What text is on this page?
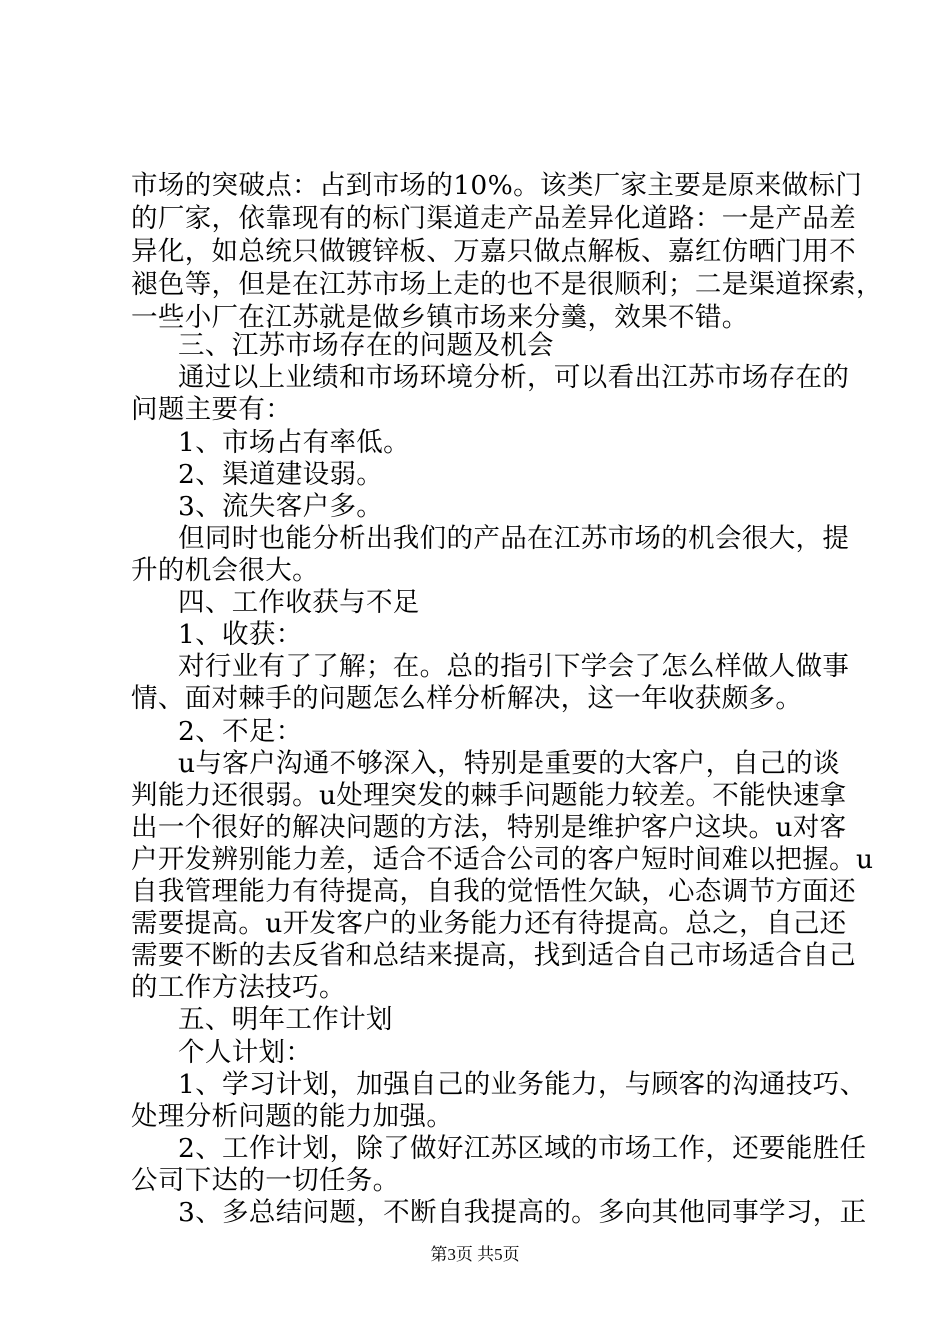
市场的突破点：占到市场的10%。该类厂家主要是原来做标门
的厂家，依靠现有的标门渠道走产品差异化道路：一是产品差
异化，如总统只做镀锌板、万嘉只做点解板、嘉红仿晒门用不
褪色等，但是在江苏市场上走的也不是很顺利；二是渠道探索，
一些小厂在江苏就是做乡镇市场来分羹，效果不错。
三、江苏市场存在的问题及机会
通过以上业绩和市场环境分析，可以看出江苏市场存在的
问题主要有：
1、市场占有率低。
2、渠道建设弱。
3、流失客户多。
但同时也能分析出我们的产品在江苏市场的机会很大，提
升的机会很大。
四、工作收获与不足
1、收获：
对行业有了了解；在。总的指引下学会了怎么样做人做事
情、面对棘手的问题怎么样分析解决，这一年收获颇多。
2、不足：
u与客户沟通不够深入，特别是重要的大客户，自己的谈
判能力还很弱。u处理突发的棘手问题能力较差。不能快速拿
出一个很好的解决问题的方法，特别是维护客户这块。u对客
户开发辨别能力差，适合不适合公司的客户短时间难以把握。u
自我管理能力有待提高，自我的觉悟性欠缺，心态调节方面还
需要提高。u开发客户的业务能力还有待提高。总之，自己还
需要不断的去反省和总结来提高，找到适合自己市场适合自己
的工作方法技巧。
五、明年工作计划
个人计划：
1、学习计划，加强自己的业务能力，与顾客的沟通技巧、
处理分析问题的能力加强。
2、工作计划，除了做好江苏区域的市场工作，还要能胜任
公司下达的一切任务。
3、多总结问题，不断自我提高的。多向其他同事学习，正
第3页 共5页
